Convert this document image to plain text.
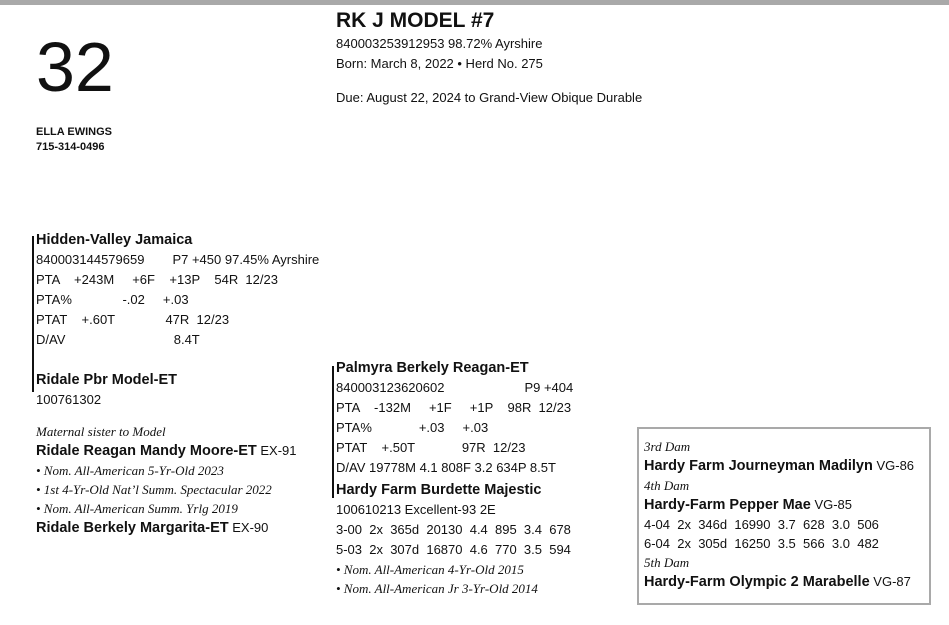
32
ELLA EWINGS
715-314-0496
RK J MODEL #7
840003253912953 98.72% Ayrshire
Born: March 8, 2022 • Herd No. 275
Due: August 22, 2024 to Grand-View Obique Durable
Hidden-Valley Jamaica
840003144579659 P7 +450 97.45% Ayrshire
PTA    +243M     +6F    +13P    54R  12/23
PTA%              -.02     +.03
PTAT    +.60T              47R  12/23
D/AV                              8.4T
Ridale Pbr Model-ET
100761302
Maternal sister to Model
Ridale Reagan Mandy Moore-ET EX-91
• Nom. All-American 5-Yr-Old 2023
• 1st 4-Yr-Old Nat’l Summ. Spectacular 2022
• Nom. All-American Summ. Yrlg 2019
Ridale Berkely Margarita-ET EX-90
Palmyra Berkely Reagan-ET
840003123620602	P9 +404
PTA    -132M     +1F     +1P    98R  12/23
PTA%             +.03     +.03
PTAT    +.50T             97R  12/23
D/AV 19778M 4.1 808F 3.2 634P 8.5T
Hardy Farm Burdette Majestic
100610213 Excellent-93 2E
3-00  2x  365d  20130  4.4  895  3.4  678
5-03  2x  307d  16870  4.6  770  3.5  594
• Nom. All-American 4-Yr-Old 2015
• Nom. All-American Jr 3-Yr-Old 2014
3rd Dam
Hardy Farm Journeyman Madilyn VG-86
4th Dam
Hardy-Farm Pepper Mae VG-85
4-04  2x  346d  16990  3.7  628  3.0  506
6-04  2x  305d  16250  3.5  566  3.0  482
5th Dam
Hardy-Farm Olympic 2 Marabelle VG-87
